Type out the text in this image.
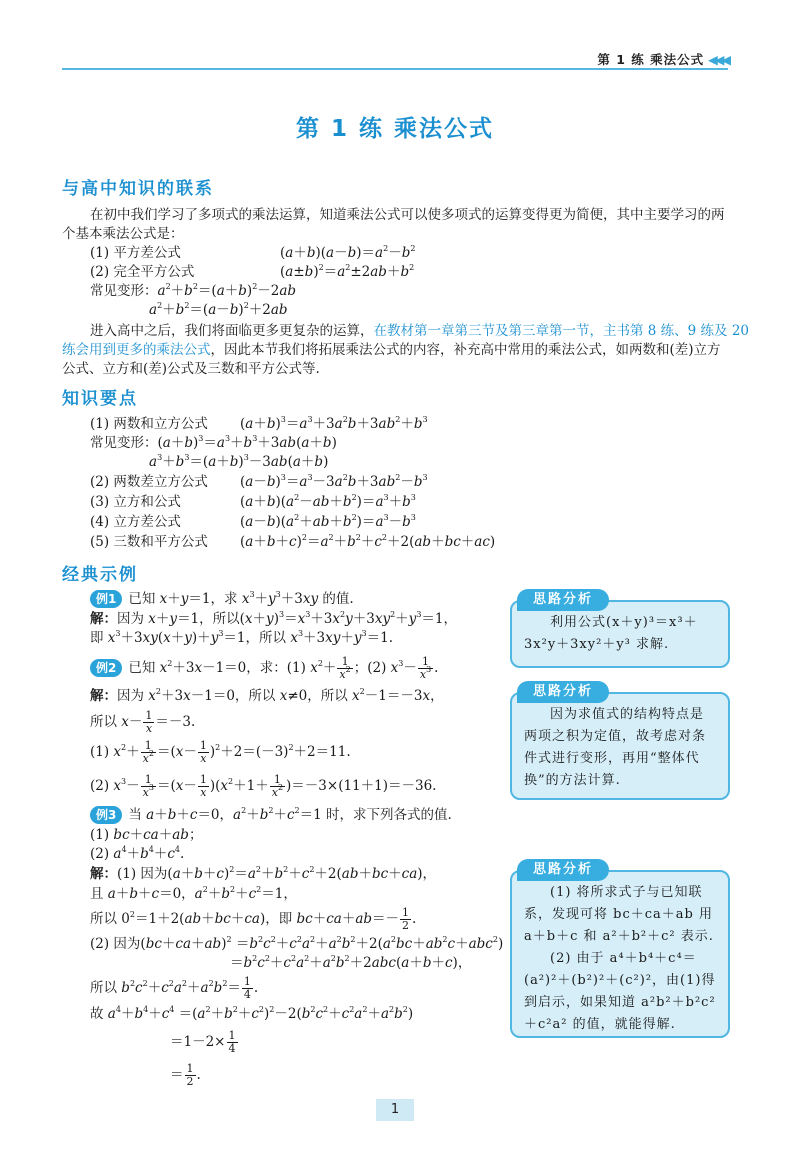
第 1 练 乘法公式 ◀◀◀
第 1 练 乘法公式
与高中知识的联系
在初中我们学习了多项式的乘法运算，知道乘法公式可以使多项式的运算变得更为简便，其中主要学习的两
个基本乘法公式是：
(1) 平方差公式	$(a+b)(a-b)=a^2-b^2$
(2) 完全平方公式	$(a\pm b)^2=a^2\pm 2ab+b^2$
常见变形：$a^2+b^2=(a+b)^2-2ab$
$a^2+b^2=(a-b)^2+2ab$
进入高中之后，我们将面临更多更复杂的运算，在教材第一章第三节及第三章第一节，主书第 8 练、9 练及 20
练会用到更多的乘法公式，因此本节我们将拓展乘法公式的内容，补充高中常用的乘法公式，如两数和(差)立方
公式、立方和(差)公式及三数和平方公式等.
知识要点
(1) 两数和立方公式 $(a+b)^3=a^3+3a^2b+3ab^2+b^3$
常见变形：$(a+b)^3=a^3+b^3+3ab(a+b)$
$a^3+b^3=(a+b)^3-3ab(a+b)$
(2) 两数差立方公式 $(a-b)^3=a^3-3a^2b+3ab^2-b^3$
(3) 立方和公式	$(a+b)(a^2-ab+b^2)=a^3+b^3$
(4) 立方差公式	$(a-b)(a^2+ab+b^2)=a^3-b^3$
(5) 三数和平方公式 $(a+b+c)^2=a^2+b^2+c^2+2(ab+bc+ac)$
经典示例
例1 已知 x＋y＝1，求 $x^3+y^3+3xy$ 的值.
解：因为 x＋y＝1，所以$(x+y)^3=x^3+3x^2y+3xy^2+y^3=1$，
即 $x^3+3xy(x+y)+y^3=1$，所以 $x^3+3xy+y^3=1$.
例2 已知 $x^2+3x-1=0$，求：(1) $x^2+ \frac{1}{x^2}$ ；(2) $x^3- \frac{1}{x^3}$ .
解：因为 $x^2+3x-1=0$，所以 x≠0，所以 $x^2-1=-3x$，
所以 $x- \frac{1}{x} =-3$.
(1) $x^2+ \frac{1}{x^2} =(x- \frac{1}{x} )^2+2=(-3)^2+2=11$.
(2) $x^3- \frac{1}{x^3} =(x- \frac{1}{x} )(x^2+1+ \frac{1}{x^2} )=-3\times(11+1)=-36$.
例3 当 a＋b＋c＝0，$a^2+b^2+c^2=1$ 时，求下列各式的值.
(1) bc＋ca＋ab；
(2) $a^4+b^4+c^4$.
解：(1) 因为$(a+b+c)^2=a^2+b^2+c^2+2(ab+bc+ca)$，
且 a＋b＋c＝0，$a^2+b^2+c^2=1$，
所以 $0^2=1+2(ab+bc+ca)$，即 $bc+ca+ab=- \frac{1}{2}$ .
(2) 因为$(bc+ca+ab)^2 =b^2c^2+c^2a^2+a^2b^2+2(a^2bc+ab^2c+abc^2)$
$=b^2c^2+c^2a^2+a^2b^2+2abc(a+b+c)$，
所以 $b^2c^2+c^2a^2+a^2b^2= \frac{1}{4}$ .
故 $a^4+b^4+c^4 =(a^2+b^2+c^2)^2-2(b^2c^2+c^2a^2+a^2b^2)$
$=1-2\times \frac{1}{4}$
＝ $\frac{1}{2}$ .
思路分析

利用公式(x＋y)³＝x³＋3x²y＋3xy²＋y³ 求解.

思路分析

因为求值式的结构特点是两项之积为定值，故考虑对条件式进行变形，再用“整体代换”的方法计算.

思路分析

(1) 将所求式子与已知联系，发现可将 bc＋ca＋ab 用 a＋b＋c 和 a²＋b²＋c² 表示.

(2) 由于 a⁴＋b⁴＋c⁴＝(a²)²＋(b²)²＋(c²)²，由(1)得到启示，如果知道 a²b²＋b²c²＋c²a² 的值，就能得解.

1
